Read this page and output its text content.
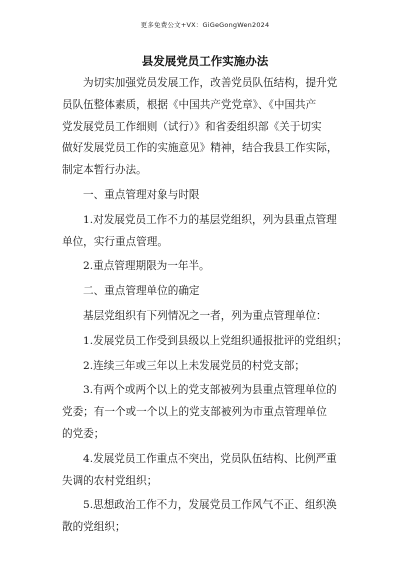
更多免费公文+VX：GiGeGongWen2024
县发展党员工作实施办法
为切实加强党员发展工作，改善党员队伍结构，提升党
员队伍整体素质，根据《中国共产党党章》、《中国共产
党发展党员工作细则（试行）》和省委组织部《关于切实
做好发展党员工作的实施意见》精神，结合我县工作实际，
制定本暂行办法。
一、重点管理对象与时限
1.对发展党员工作不力的基层党组织，列为县重点管理
单位，实行重点管理。
2.重点管理期限为一年半。
二、重点管理单位的确定
基层党组织有下列情况之一者，列为重点管理单位：
1.发展党员工作受到县级以上党组织通报批评的党组织；
2.连续三年或三年以上未发展党员的村党支部；
3.有两个或两个以上的党支部被列为县重点管理单位的
党委；有一个或一个以上的党支部被列为市重点管理单位
的党委；
4.发展党员工作重点不突出，党员队伍结构、比例严重
失调的农村党组织；
5.思想政治工作不力，发展党员工作风气不正、组织涣
散的党组织；
